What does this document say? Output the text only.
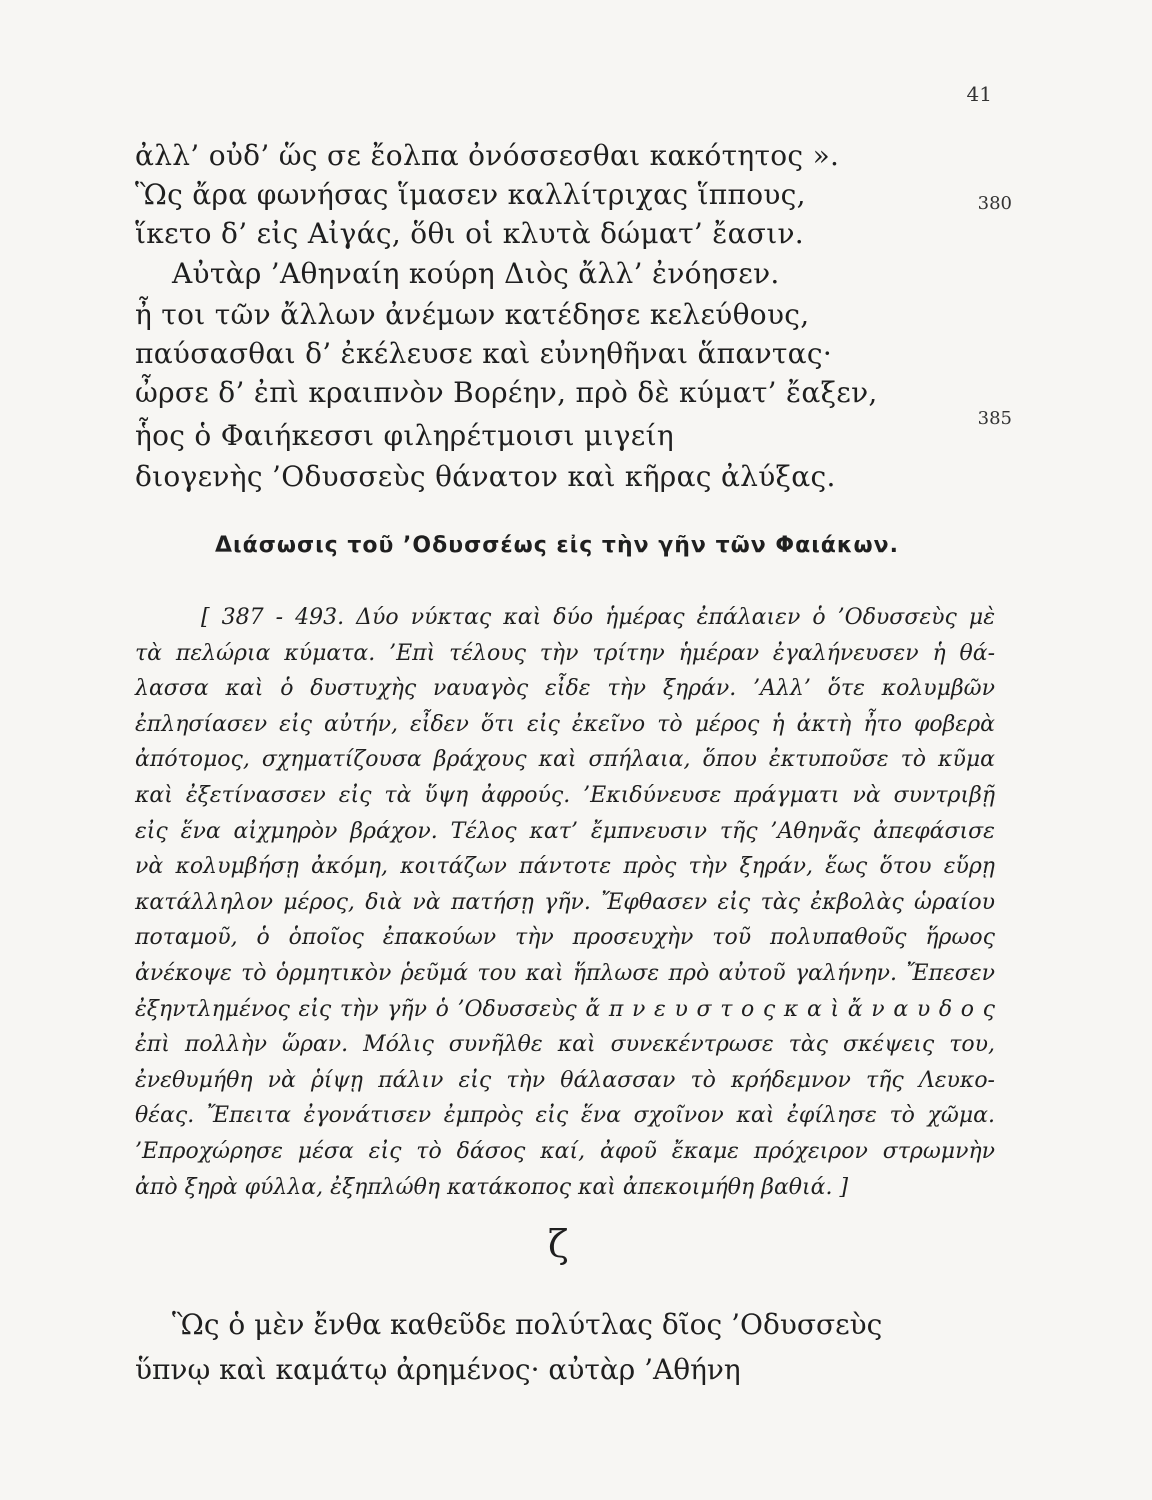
41
ἀλλ’ οὐδ’ ὥς σε ἔολπα ὀνόσσεσθαι κακότητος ».
Ὣς ἄρα φωνήσας ἵμασεν καλλίτριχας ἵππους,
ἵκετο δ’ εἰς Αἰγάς, ὅθι οἱ κλυτὰ δώματ’ ἔασιν.
380
Αὐτὰρ ’Αθηναίη κούρη Διὸς ἄλλ’ ἐνόησεν.
ἦ τοι τῶν ἄλλων ἀνέμων κατέδησε κελεύθους,
παύσασθαι δ’ ἐκέλευσε καὶ εὐνηθῆναι ἅπαντας·
ὦρσε δ’ ἐπὶ κραιπνὸν Βορέην, πρὸ δὲ κύματ’ ἔαξεν,
385
ἧος ὁ Φαιήκεσσι φιληρέτμοισι μιγείη
διογενὴς ’Οδυσσεὺς θάνατον καὶ κῆρας ἀλύξας.
Διάσωσις τοῦ ’Οδυσσέως εἰς τὴν γῆν τῶν Φαιάκων.
[ 387 - 493. Δύο νύκτας καὶ δύο ἡμέρας ἐπάλαιεν ὁ ’Οδυσσεὺς μὲ
τὰ πελώρια κύματα. ’Επὶ τέλους τὴν τρίτην ἡμέραν ἐγαλήνευσεν ἡ θά-
λασσα καὶ ὁ δυστυχὴς ναυαγὸς εἶδε τὴν ξηράν. ’Αλλ’ ὅτε κολυμβῶν
ἐπλησίασεν εἰς αὐτήν, εἶδεν ὅτι εἰς ἐκεῖνο τὸ μέρος ἡ ἀκτὴ ἦτο φοβερὰ
ἀπότομος, σχηματίζουσα βράχους καὶ σπήλαια, ὅπου ἐκτυποῦσε τὸ κῦμα
καὶ ἐξετίνασσεν εἰς τὰ ὕψη ἀφρούς. ’Εκιδύνευσε πράγματι νὰ συντριβῇ
εἰς ἕνα αἰχμηρὸν βράχον. Τέλος κατ’ ἔμπνευσιν τῆς ’Αθηνᾶς ἀπεφάσισε
νὰ κολυμβήσῃ ἀκόμη, κοιτάζων πάντοτε πρὸς τὴν ξηράν, ἕως ὅτου εὕρῃ
κατάλληλον μέρος, διὰ νὰ πατήσῃ γῆν. Ἔφθασεν εἰς τὰς ἐκβολὰς ὡραίου
ποταμοῦ, ὁ ὁποῖος ἐπακούων τὴν προσευχὴν τοῦ πολυπαθοῦς ἥρωος
ἀνέκοψε τὸ ὁρμητικὸν ῥεῦμά του καὶ ἥπλωσε πρὸ αὐτοῦ γαλήνην. Ἔπεσεν
ἐξηντλημένος εἰς τὴν γῆν ὁ ’Οδυσσεὺς ἄ π ν ε υ σ τ ο ς κ α ὶ ἄ ν α υ δ ο ς
ἐπὶ πολλὴν ὥραν. Μόλις συνῆλθε καὶ συνεκέντρωσε τὰς σκέψεις του,
ἐνεθυμήθη νὰ ῥίψῃ πάλιν εἰς τὴν θάλασσαν τὸ κρήδεμνον τῆς Λευκο-
θέας. Ἔπειτα ἐγονάτισεν ἐμπρὸς εἰς ἕνα σχοῖνον καὶ ἐφίλησε τὸ χῶμα.
’Επροχώρησε μέσα εἰς τὸ δάσος καί, ἀφοῦ ἔκαμε πρόχειρον στρωμνὴν
ἀπὸ ξηρὰ φύλλα, ἐξηπλώθη κατάκοπος καὶ ἀπεκοιμήθη βαθιά. ]
ζ
Ὣς ὁ μὲν ἔνθα καθεῦδε πολύτλας δῖος ’Οδυσσεὺς
ὕπνῳ καὶ καμάτῳ ἀρημένος· αὐτὰρ ’Αθήνη
